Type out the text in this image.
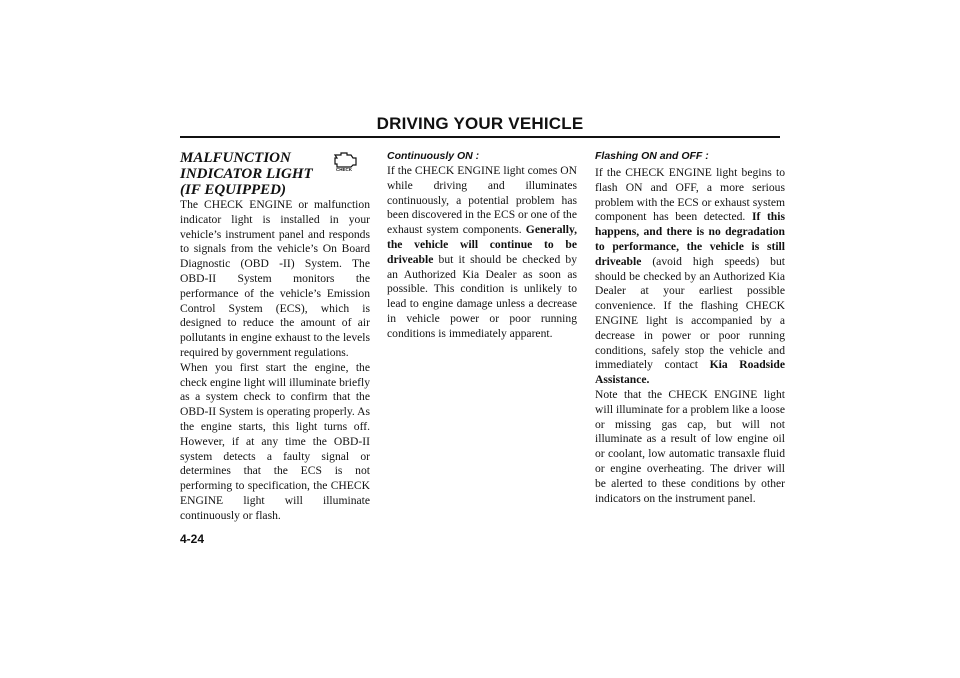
DRIVING YOUR VEHICLE
MALFUNCTION
INDICATOR LIGHT
(IF EQUIPPED)
CHECK

The CHECK ENGINE or malfunction indicator light is installed in your vehicle’s instrument panel and responds to signals from the vehicle’s On Board Diagnostic (OBD -II) System. The OBD-II System monitors the performance of the vehicle’s Emission Control System (ECS), which is designed to reduce the amount of air pollutants in engine exhaust to the levels required by government regulations.

When you first start the engine, the check engine light will illuminate briefly as a system check to confirm that the OBD-II System is operating properly. As the engine starts, this light turns off. However, if at any time the OBD-II system detects a faulty signal or determines that the ECS is not performing to specification, the CHECK ENGINE light will illuminate continuously or flash.

Continuously ON :

If the CHECK ENGINE light comes ON while driving and illuminates continuously, a potential problem has been discovered in the ECS or one of the exhaust system components. Generally, the vehicle will continue to be driveable but it should be checked by an Authorized Kia Dealer as soon as possible. This condition is unlikely to lead to engine damage unless a decrease in vehicle power or poor running conditions is immediately apparent.

Flashing ON and OFF :

If the CHECK ENGINE light begins to flash ON and OFF, a more serious problem with the ECS or exhaust system component has been detected. If this happens, and there is no degradation to performance, the vehicle is still driveable (avoid high speeds) but should be checked by an Authorized Kia Dealer at your earliest possible convenience. If the flashing CHECK ENGINE light is accompanied by a decrease in power or poor running conditions, safely stop the vehicle and immediately contact Kia Roadside Assistance.

Note that the CHECK ENGINE light will illuminate for a problem like a loose or missing gas cap, but will not illuminate as a result of low engine oil or coolant, low automatic transaxle fluid or engine overheating. The driver will be alerted to these conditions by other indicators on the instrument panel.

4-24
